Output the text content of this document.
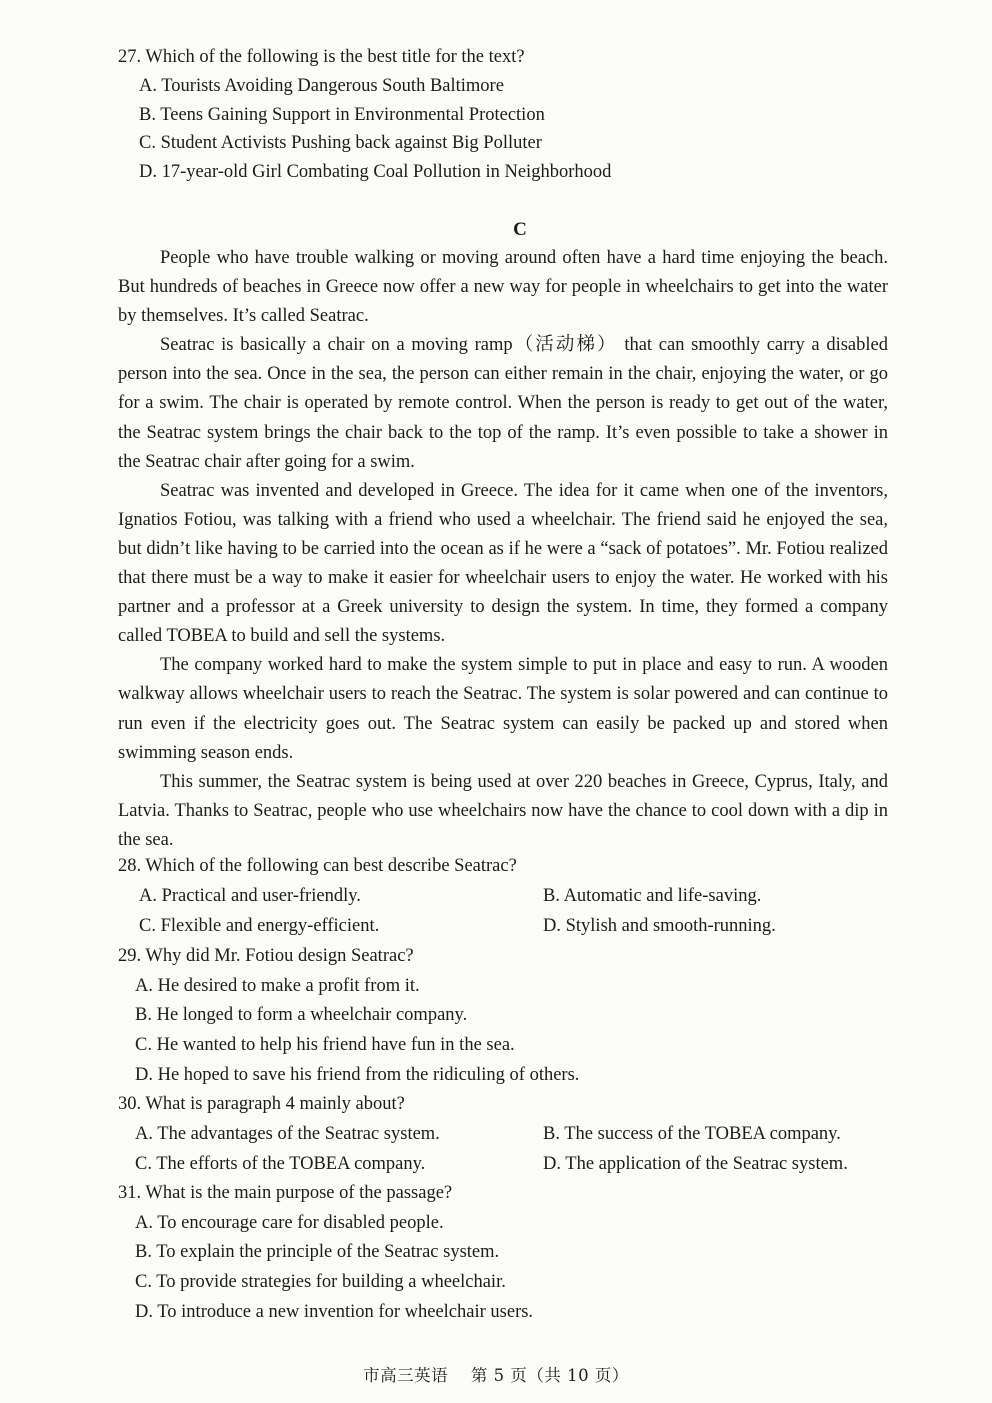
27. Which of the following is the best title for the text?
A. Tourists Avoiding Dangerous South Baltimore
B. Teens Gaining Support in Environmental Protection
C. Student Activists Pushing back against Big Polluter
D. 17-year-old Girl Combating Coal Pollution in Neighborhood
C

People who have trouble walking or moving around often have a hard time enjoying the beach. But hundreds of beaches in Greece now offer a new way for people in wheelchairs to get into the water by themselves. It’s called Seatrac.

Seatrac is basically a chair on a moving ramp（活动梯） that can smoothly carry a disabled person into the sea. Once in the sea, the person can either remain in the chair, enjoying the water, or go for a swim. The chair is operated by remote control. When the person is ready to get out of the water, the Seatrac system brings the chair back to the top of the ramp. It’s even possible to take a shower in the Seatrac chair after going for a swim.

Seatrac was invented and developed in Greece. The idea for it came when one of the inventors, Ignatios Fotiou, was talking with a friend who used a wheelchair. The friend said he enjoyed the sea, but didn’t like having to be carried into the ocean as if he were a “sack of potatoes”. Mr. Fotiou realized that there must be a way to make it easier for wheelchair users to enjoy the water. He worked with his partner and a professor at a Greek university to design the system. In time, they formed a company called TOBEA to build and sell the systems.

The company worked hard to make the system simple to put in place and easy to run. A wooden walkway allows wheelchair users to reach the Seatrac. The system is solar powered and can continue to run even if the electricity goes out. The Seatrac system can easily be packed up and stored when swimming season ends.

This summer, the Seatrac system is being used at over 220 beaches in Greece, Cyprus, Italy, and Latvia. Thanks to Seatrac, people who use wheelchairs now have the chance to cool down with a dip in the sea.

28. Which of the following can best describe Seatrac?
A. Practical and user-friendly.	B. Automatic and life-saving.
C. Flexible and energy-efficient.	D. Stylish and smooth-running.
29. Why did Mr. Fotiou design Seatrac?
A. He desired to make a profit from it.
B. He longed to form a wheelchair company.
C. He wanted to help his friend have fun in the sea.
D. He hoped to save his friend from the ridiculing of others.
30. What is paragraph 4 mainly about?
A. The advantages of the Seatrac system.	B. The success of the TOBEA company.
C. The efforts of the TOBEA company.	D. The application of the Seatrac system.
31. What is the main purpose of the passage?
A. To encourage care for disabled people.
B. To explain the principle of the Seatrac system.
C. To provide strategies for building a wheelchair.
D. To introduce a new invention for wheelchair users.
市高三英语　 第 5 页（共 10 页）
